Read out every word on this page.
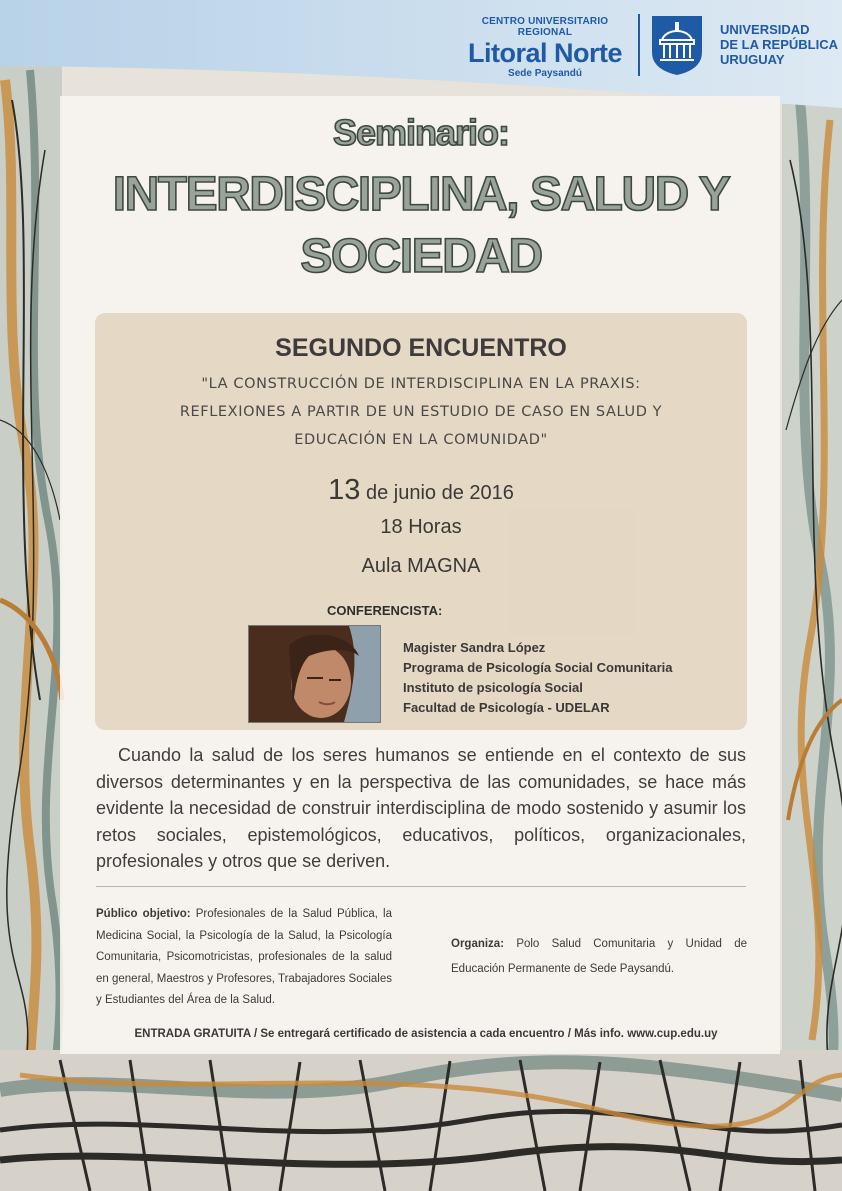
CENTRO UNIVERSITARIO REGIONAL
Litoral Norte
Sede Paysandú
UNIVERSIDAD
DE LA REPÚBLICA
URUGUAY
Seminario:
INTERDISCIPLINA, SALUD Y
SOCIEDAD
SEGUNDO ENCUENTRO
"LA CONSTRUCCIÓN DE INTERDISCIPLINA EN LA PRAXIS:
REFLEXIONES A PARTIR DE UN ESTUDIO DE CASO EN SALUD Y
EDUCACIÓN EN LA COMUNIDAD"
13 de junio de 2016
18 Horas
Aula MAGNA
CONFERENCISTA:
Magister Sandra López
Programa de Psicología Social Comunitaria
Instituto de psicología Social
Facultad de Psicología - UDELAR
Cuando la salud de los seres humanos se entiende en el contexto de sus diversos determinantes y en la perspectiva de las comunidades, se hace más evidente la necesidad de construir interdisciplina de modo sostenido y asumir los retos sociales, epistemológicos, educativos, políticos, organizacionales, profesionales y otros que se deriven.
Público objetivo: Profesionales de la Salud Pública, la Medicina Social, la Psicología de la Salud, la Psicología Comunitaria, Psicomotricistas, profesionales de la salud en general, Maestros y Profesores, Trabajadores Sociales y Estudiantes del Área de la Salud.
Organiza: Polo Salud Comunitaria y Unidad de Educación Permanente de Sede Paysandú.
ENTRADA GRATUITA / Se entregará certificado de asistencia a cada encuentro / Más info. www.cup.edu.uy
